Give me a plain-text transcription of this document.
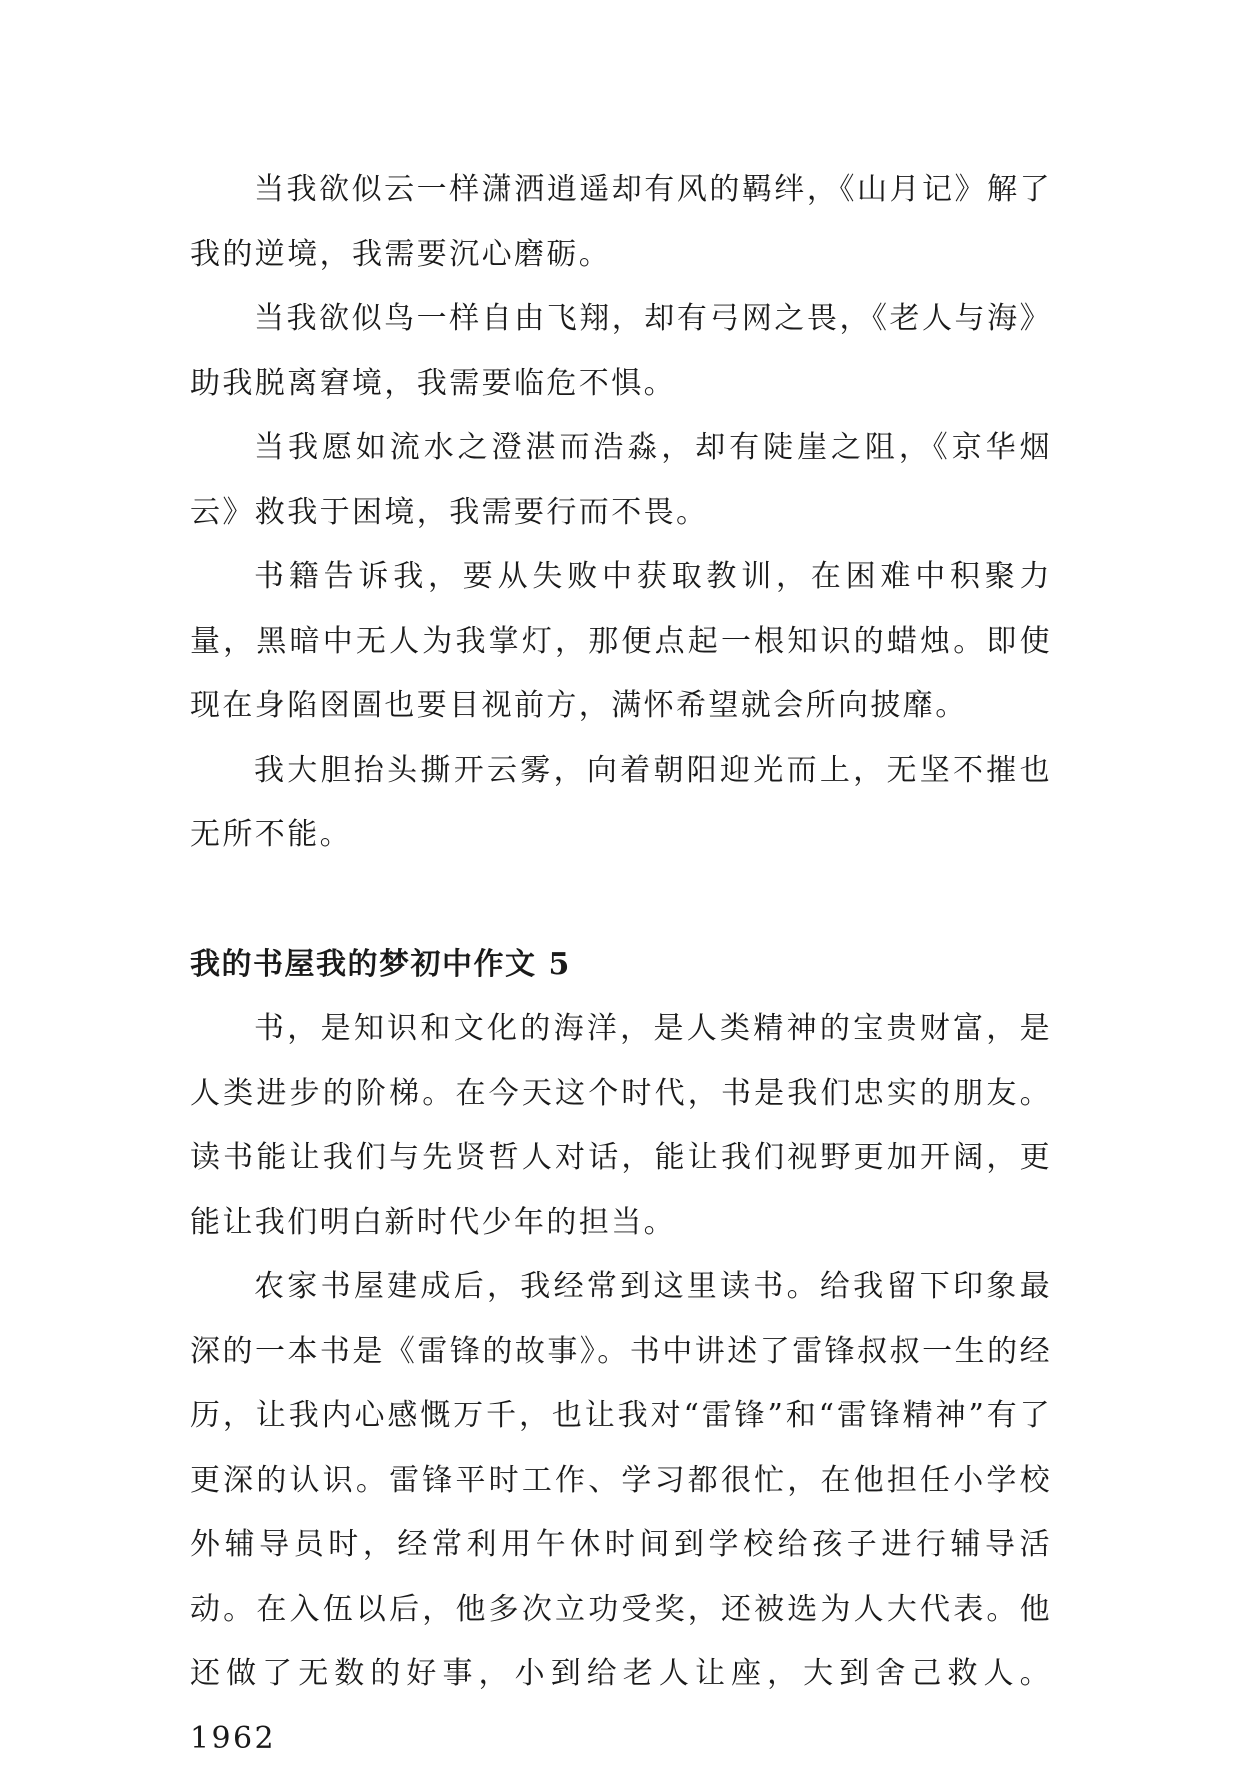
当我欲似云一样潇洒逍遥却有风的羁绊，《山月记》解了我的逆境，我需要沉心磨砺。

当我欲似鸟一样自由飞翔，却有弓网之畏，《老人与海》助我脱离窘境，我需要临危不惧。

当我愿如流水之澄湛而浩淼，却有陡崖之阻，《京华烟云》救我于困境，我需要行而不畏。

书籍告诉我，要从失败中获取教训，在困难中积聚力量，黑暗中无人为我掌灯，那便点起一根知识的蜡烛。即使现在身陷囹圄也要目视前方，满怀希望就会所向披靡。

我大胆抬头撕开云雾，向着朝阳迎光而上，无坚不摧也无所不能。

我的书屋我的梦初中作文 5

书，是知识和文化的海洋，是人类精神的宝贵财富，是人类进步的阶梯。在今天这个时代，书是我们忠实的朋友。读书能让我们与先贤哲人对话，能让我们视野更加开阔，更能让我们明白新时代少年的担当。

农家书屋建成后，我经常到这里读书。给我留下印象最深的一本书是《雷锋的故事》。书中讲述了雷锋叔叔一生的经历，让我内心感慨万千，也让我对“雷锋”和“雷锋精神”有了更深的认识。雷锋平时工作、学习都很忙，在他担任小学校外辅导员时，经常利用午休时间到学校给孩子进行辅导活动。在入伍以后，他多次立功受奖，还被选为人大代表。他还做了无数的好事，小到给老人让座，大到舍己救人。1962
